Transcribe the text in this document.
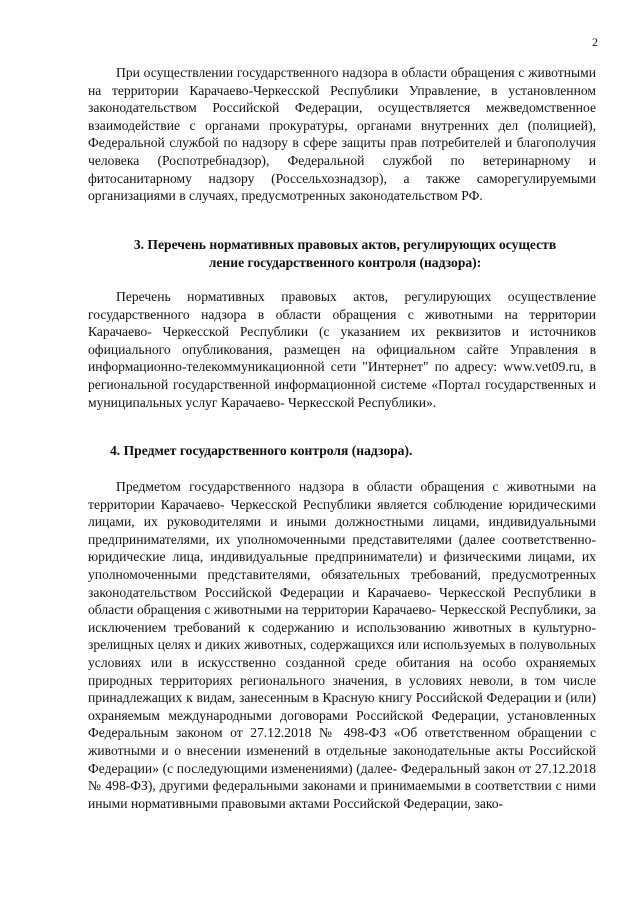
2

При осуществлении государственного надзора в области обращения с животными на территории Карачаево-Черкесской Республики Управление, в установленном законодательством Российской Федерации, осуществляется межведомственное взаимодействие с органами прокуратуры, органами внутренних дел (полицией), Федеральной службой по надзору в сфере защиты прав потребителей и благополучия человека (Роспотребнадзор), Федеральной службой по ветеринарному и фитосанитарному надзору (Россельхознадзор), а также саморегулируемыми организациями в случаях, предусмотренных законодательством РФ.

3. Перечень нормативных правовых актов, регулирующих осуществ
ление государственного контроля (надзора):

Перечень нормативных правовых актов, регулирующих осуществление государственного надзора в области обращения с животными на территории Карачаево- Черкесской Республики (с указанием их реквизитов и источников официального опубликования, размещен на официальном сайте Управления в информационно-телекоммуникационной сети "Интернет" по адресу: www.vet09.ru, в региональной государственной информационной системе «Портал государственных и муниципальных услуг Карачаево- Черкесской Республики».

4. Предмет государственного контроля (надзора).

Предметом государственного надзора в области обращения с животными на территории Карачаево- Черкесской Республики является соблюдение юридическими лицами, их руководителями и иными должностными лицами, индивидуальными предпринимателями, их уполномоченными представителями (далее соответственно- юридические лица, индивидуальные предприниматели) и физическими лицами, их уполномоченными представителями, обязательных требований, предусмотренных законодательством Российской Федерации и Карачаево- Черкесской Республики в области обращения с животными на территории Карачаево- Черкесской Республики, за исключением требований к содержанию и использованию животных в культурно-зрелищных целях и диких животных, содержащихся или используемых в полувольных условиях или в искусственно созданной среде обитания на особо охраняемых природных территориях регионального значения, в условиях неволи, в том числе принадлежащих к видам, занесенным в Красную книгу Российской Федерации и (или) охраняемым международными договорами Российской Федерации, установленных Федеральным законом от 27.12.2018 № 498-ФЗ «Об ответственном обращении с животными и о внесении изменений в отдельные законодательные акты Российской Федерации» (с последующими изменениями) (далее- Федеральный закон от 27.12.2018 № 498-ФЗ), другими федеральными законами и принимаемыми в соответствии с ними иными нормативными правовыми актами Российской Федерации, зако-
